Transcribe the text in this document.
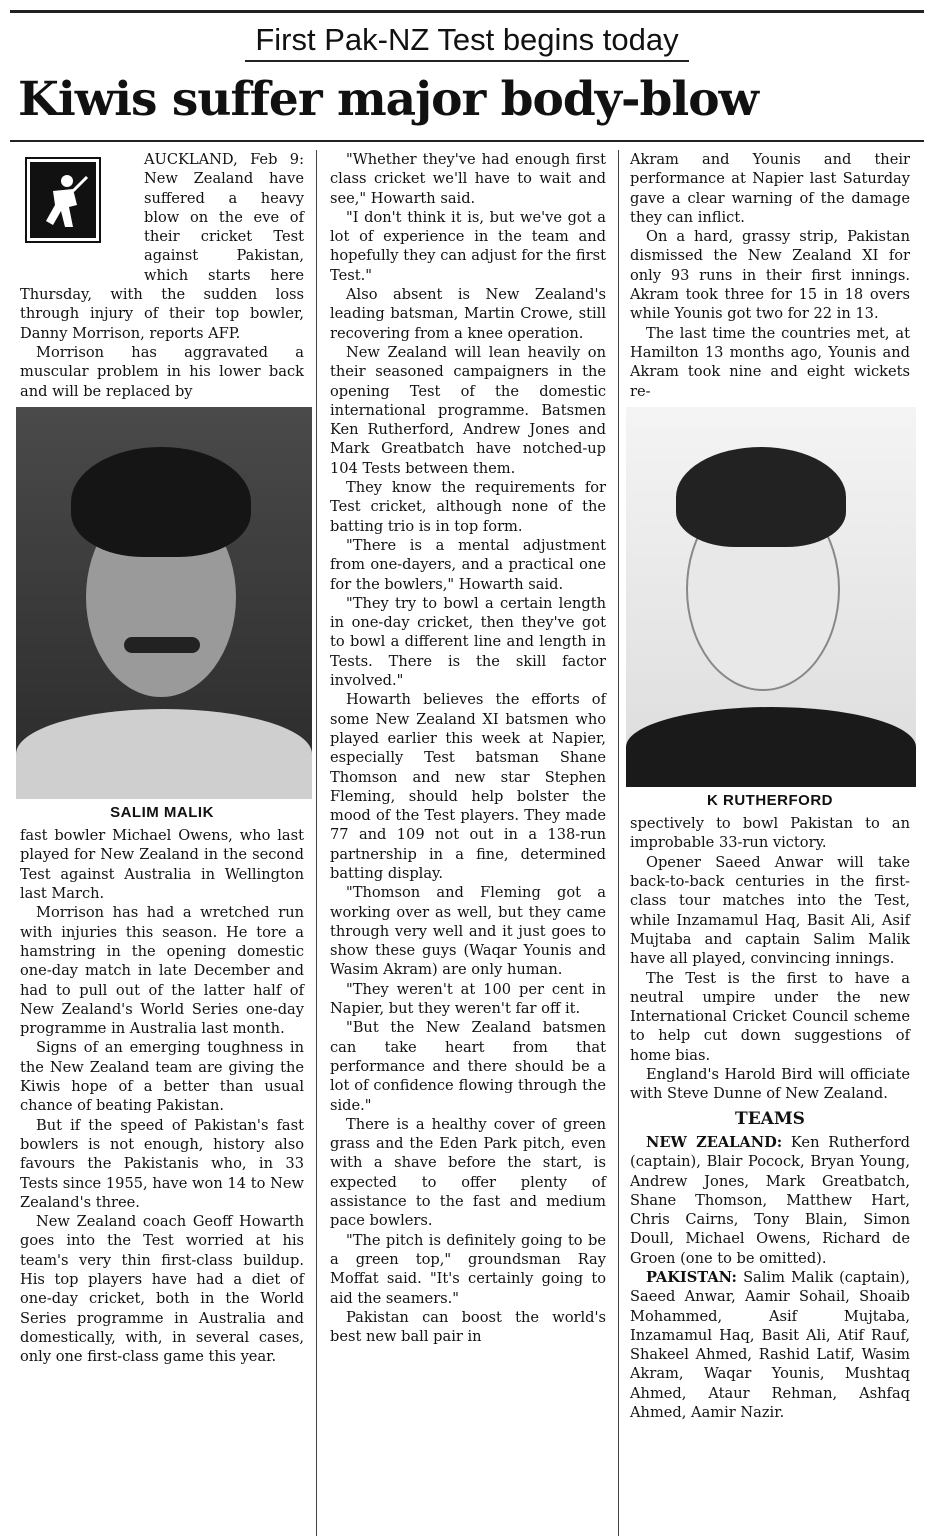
First Pak-NZ Test begins today
Kiwis suffer major body-blow

AUCKLAND, Feb 9: New Zealand have suffered a heavy blow on the eve of their cricket Test against Pakistan, which starts here Thursday, with the sudden loss through injury of their top bowler, Danny Morrison, reports AFP.

Morrison has aggravated a muscular problem in his lower back and will be replaced by

SALIM MALIK

fast bowler Michael Owens, who last played for New Zealand in the second Test against Australia in Wellington last March.

Morrison has had a wretched run with injuries this season. He tore a hamstring in the opening domestic one-day match in late December and had to pull out of the latter half of New Zealand's World Series one-day programme in Australia last month.

Signs of an emerging toughness in the New Zealand team are giving the Kiwis hope of a better than usual chance of beating Pakistan.

But if the speed of Pakistan's fast bowlers is not enough, history also favours the Pakistanis who, in 33 Tests since 1955, have won 14 to New Zealand's three.

New Zealand coach Geoff Howarth goes into the Test worried at his team's very thin first-class buildup. His top players have had a diet of one-day cricket, both in the World Series programme in Australia and domestically, with, in several cases, only one first-class game this year.

"Whether they've had enough first class cricket we'll have to wait and see," Howarth said.

"I don't think it is, but we've got a lot of experience in the team and hopefully they can adjust for the first Test."

Also absent is New Zealand's leading batsman, Martin Crowe, still recovering from a knee operation.

New Zealand will lean heavily on their seasoned campaigners in the opening Test of the domestic international programme. Batsmen Ken Rutherford, Andrew Jones and Mark Greatbatch have notched-up 104 Tests between them.

They know the requirements for Test cricket, although none of the batting trio is in top form.

"There is a mental adjustment from one-dayers, and a practical one for the bowlers," Howarth said.

"They try to bowl a certain length in one-day cricket, then they've got to bowl a different line and length in Tests. There is the skill factor involved."

Howarth believes the efforts of some New Zealand XI batsmen who played earlier this week at Napier, especially Test batsman Shane Thomson and new star Stephen Fleming, should help bolster the mood of the Test players. They made 77 and 109 not out in a 138-run partnership in a fine, determined batting display.

"Thomson and Fleming got a working over as well, but they came through very well and it just goes to show these guys (Waqar Younis and Wasim Akram) are only human.

"They weren't at 100 per cent in Napier, but they weren't far off it.

"But the New Zealand batsmen can take heart from that performance and there should be a lot of confidence flowing through the side."

There is a healthy cover of green grass and the Eden Park pitch, even with a shave before the start, is expected to offer plenty of assistance to the fast and medium pace bowlers.

"The pitch is definitely going to be a green top," groundsman Ray Moffat said. "It's certainly going to aid the seamers."

Pakistan can boost the world's best new ball pair in

Akram and Younis and their performance at Napier last Saturday gave a clear warning of the damage they can inflict.

On a hard, grassy strip, Pakistan dismissed the New Zealand XI for only 93 runs in their first innings. Akram took three for 15 in 18 overs while Younis got two for 22 in 13.

The last time the countries met, at Hamilton 13 months ago, Younis and Akram took nine and eight wickets re-

K RUTHERFORD

spectively to bowl Pakistan to an improbable 33-run victory.

Opener Saeed Anwar will take back-to-back centuries in the first-class tour matches into the Test, while Inzamamul Haq, Basit Ali, Asif Mujtaba and captain Salim Malik have all played, convincing innings.

The Test is the first to have a neutral umpire under the new International Cricket Council scheme to help cut down suggestions of home bias.

England's Harold Bird will officiate with Steve Dunne of New Zealand.

TEAMS

NEW ZEALAND: Ken Rutherford (captain), Blair Pocock, Bryan Young, Andrew Jones, Mark Greatbatch, Shane Thomson, Matthew Hart, Chris Cairns, Tony Blain, Simon Doull, Michael Owens, Richard de Groen (one to be omitted).

PAKISTAN: Salim Malik (captain), Saeed Anwar, Aamir Sohail, Shoaib Mohammed, Asif Mujtaba, Inzamamul Haq, Basit Ali, Atif Rauf, Shakeel Ahmed, Rashid Latif, Wasim Akram, Waqar Younis, Mushtaq Ahmed, Ataur Rehman, Ashfaq Ahmed, Aamir Nazir.
